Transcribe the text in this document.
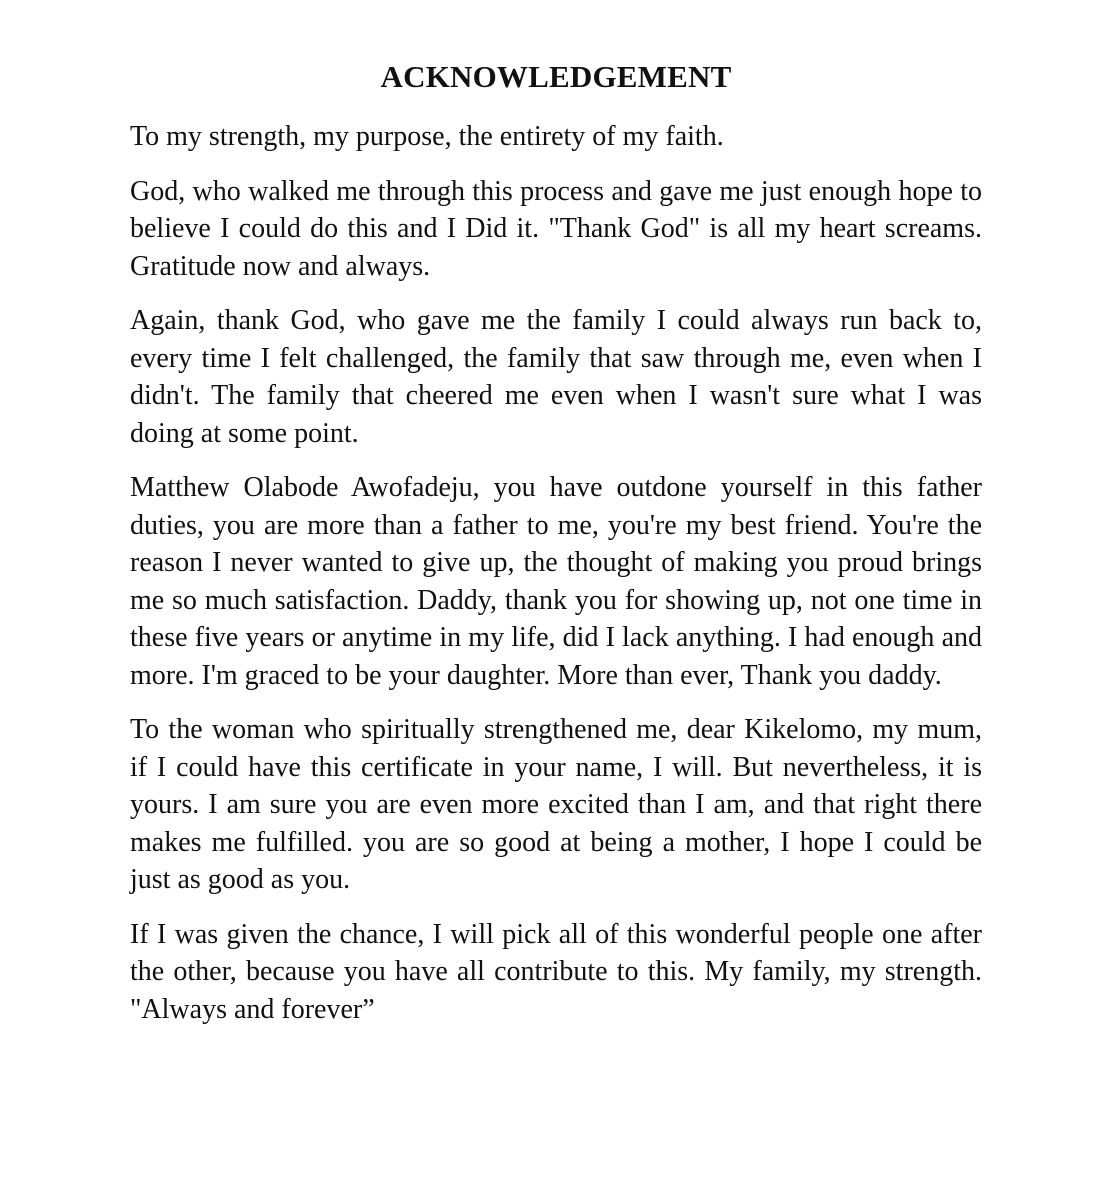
ACKNOWLEDGEMENT

To my strength, my purpose, the entirety of my faith.

God, who walked me through this process and gave me just enough hope to believe I could do this and I Did it. "Thank God" is all my heart screams. Gratitude now and always.

Again, thank God, who gave me the family I could always run back to, every time I felt challenged, the family that saw through me, even when I didn't. The family that cheered me even when I wasn't sure what I was doing at some point.

Matthew Olabode Awofadeju, you have outdone yourself in this father duties, you are more than a father to me, you're my best friend. You're the reason I never wanted to give up, the thought of making you proud brings me so much satisfaction. Daddy, thank you for showing up, not one time in these five years or anytime in my life, did I lack anything. I had enough and more. I'm graced to be your daughter. More than ever, Thank you daddy.

To the woman who spiritually strengthened me, dear Kikelomo, my mum, if I could have this certificate in your name, I will. But nevertheless, it is yours. I am sure you are even more excited than I am, and that right there makes me fulfilled. you are so good at being a mother, I hope I could be just as good as you.

If I was given the chance, I will pick all of this wonderful people one after the other, because you have all contribute to this. My family, my strength. "Always and forever”
